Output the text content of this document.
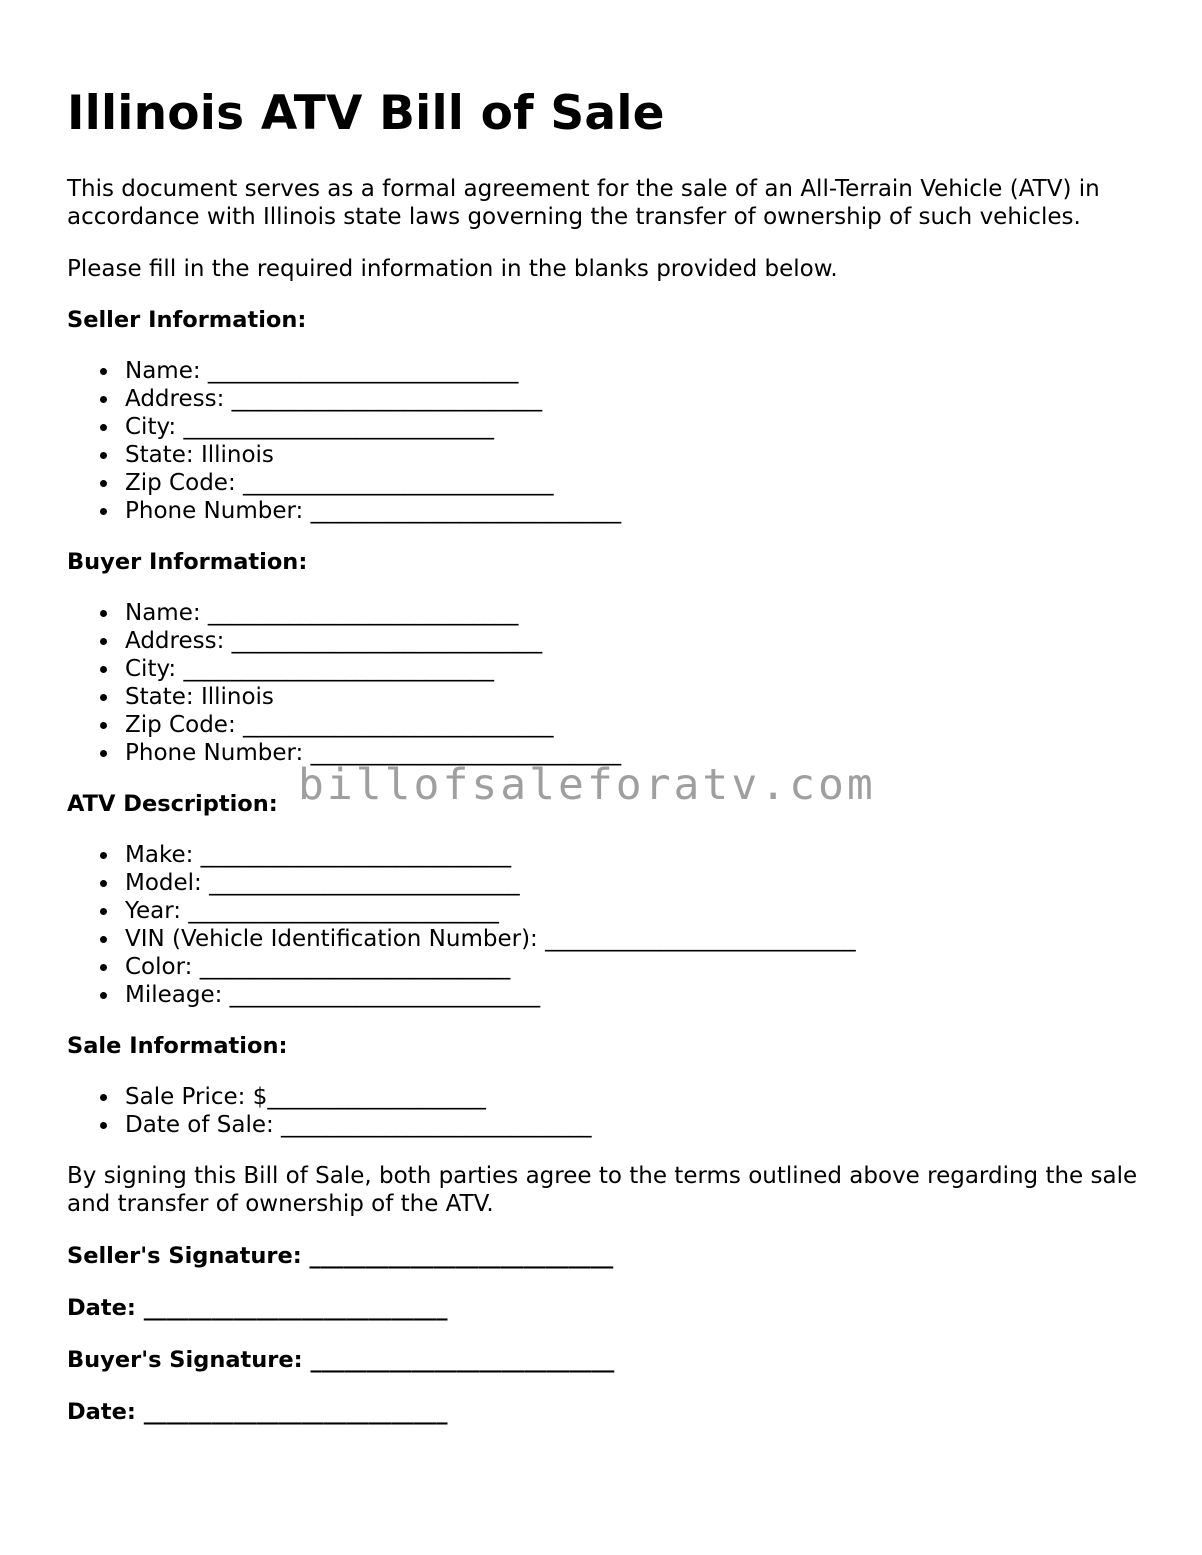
Illinois ATV Bill of Sale

This document serves as a formal agreement for the sale of an All-Terrain Vehicle (ATV) in accordance with Illinois state laws governing the transfer of ownership of such vehicles.

Please fill in the required information in the blanks provided below.

Seller Information:
Name: ___________________________
Address: ___________________________
City: ___________________________
State: Illinois
Zip Code: ___________________________
Phone Number: ___________________________
Buyer Information:
Name: ___________________________
Address: ___________________________
City: ___________________________
State: Illinois
Zip Code: ___________________________
Phone Number: ___________________________
ATV Description:
Make: ___________________________
Model: ___________________________
Year: ___________________________
VIN (Vehicle Identification Number): ___________________________
Color: ___________________________
Mileage: ___________________________
Sale Information:
Sale Price: $___________________
Date of Sale: ___________________________

By signing this Bill of Sale, both parties agree to the terms outlined above regarding the sale and transfer of ownership of the ATV.

Seller's Signature: ___________________________
Date: ___________________________
Buyer's Signature: ___________________________
Date: ___________________________
billofsaleforatv.com
